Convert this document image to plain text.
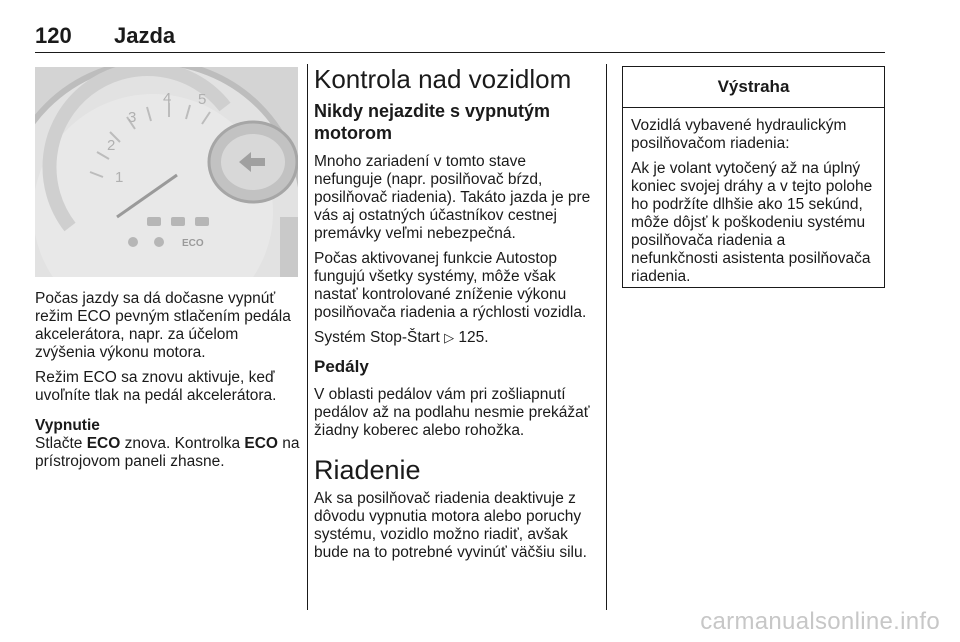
120 Jazda
1
2
3
4 5
ECO

Počas jazdy sa dá dočasne vypnúť režim ECO pevným stlačením pedála akcelerátora, napr. za účelom zvýšenia výkonu motora.

Režim ECO sa znovu aktivuje, keď uvoľníte tlak na pedál akcelerátora.

Vypnutie

Stlačte ECO znova. Kontrolka ECO na prístrojovom paneli zhasne.

Kontrola nad vozidlom
Nikdy nejazdite s vypnutým motorom

Mnoho zariadení v tomto stave nefunguje (napr. posilňovač bŕzd, posilňovač riadenia). Takáto jazda je pre vás aj ostatných účastníkov cestnej premávky veľmi nebezpečná.

Počas aktivovanej funkcie Autostop fungujú všetky systémy, môže však nastať kontrolované zníženie výkonu posilňovača riadenia a rýchlosti vozidla.

Systém Stop-Štart ▷ 125.

Pedály

V oblasti pedálov vám pri zošliapnutí pedálov až na podlahu nesmie prekážať žiadny koberec alebo rohožka.

Riadenie

Ak sa posilňovač riadenia deaktivuje z dôvodu vypnutia motora alebo poruchy systému, vozidlo možno riadiť, avšak bude na to potrebné vyvinúť väčšiu silu.

Výstraha

Vozidlá vybavené hydraulickým posilňovačom riadenia:

Ak je volant vytočený až na úplný koniec svojej dráhy a v tejto polohe ho podržíte dlhšie ako 15 sekúnd, môže dôjsť k poškodeniu systému posilňovača riadenia a nefunkčnosti asistenta posilňovača riadenia.

carmanualsonline.info
